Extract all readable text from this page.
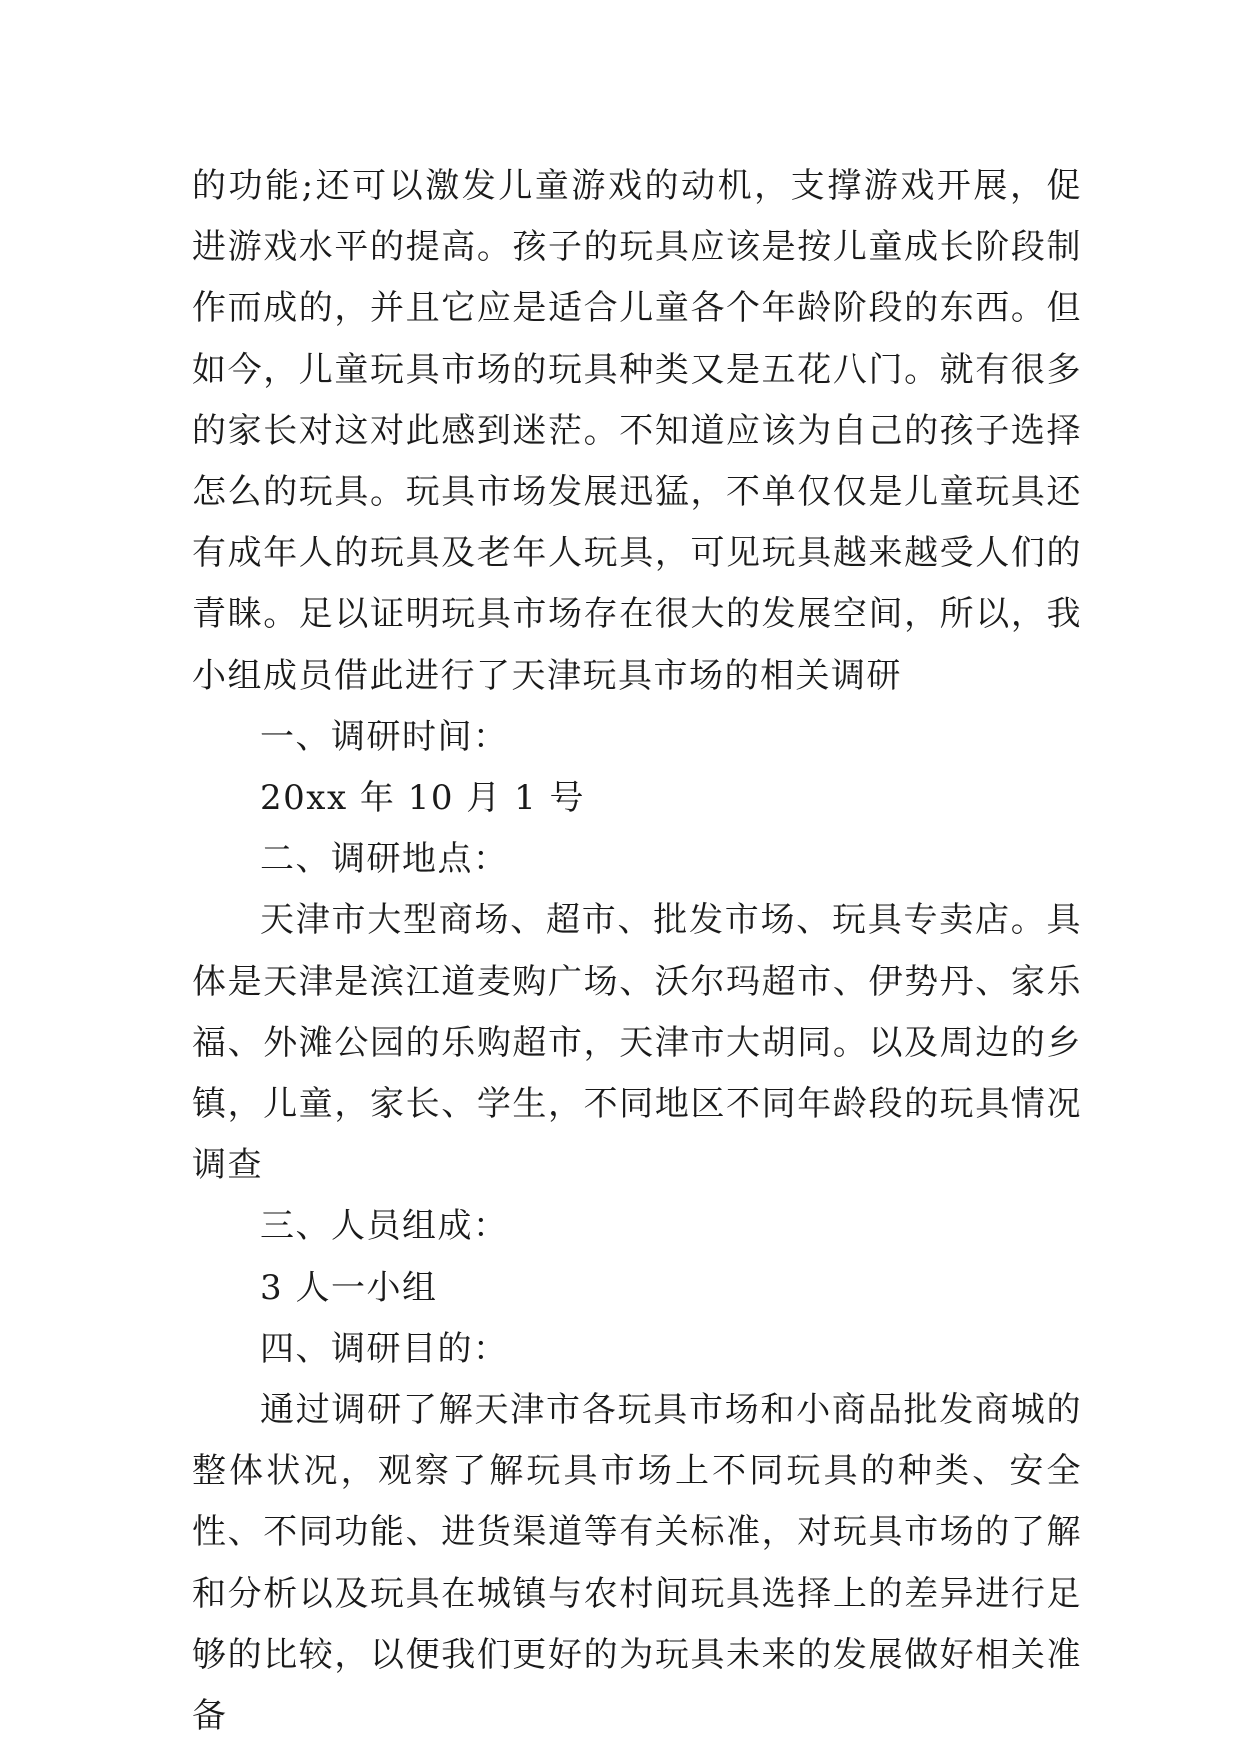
的功能;还可以激发儿童游戏的动机，支撑游戏开展，促进游戏水平的提高。孩子的玩具应该是按儿童成长阶段制作而成的，并且它应是适合儿童各个年龄阶段的东西。但如今，儿童玩具市场的玩具种类又是五花八门。就有很多的家长对这对此感到迷茫。不知道应该为自己的孩子选择怎么的玩具。玩具市场发展迅猛，不单仅仅是儿童玩具还有成年人的玩具及老年人玩具，可见玩具越来越受人们的青睐。足以证明玩具市场存在很大的发展空间，所以，我小组成员借此进行了天津玩具市场的相关调研

一、调研时间：

20xx 年 10 月 1 号

二、调研地点：

天津市大型商场、超市、批发市场、玩具专卖店。具体是天津是滨江道麦购广场、沃尔玛超市、伊势丹、家乐福、外滩公园的乐购超市，天津市大胡同。以及周边的乡镇，儿童，家长、学生，不同地区不同年龄段的玩具情况调查

三、人员组成：

3 人一小组

四、调研目的：

通过调研了解天津市各玩具市场和小商品批发商城的整体状况，观察了解玩具市场上不同玩具的种类、安全性、不同功能、进货渠道等有关标准，对玩具市场的了解和分析以及玩具在城镇与农村间玩具选择上的差异进行足够的比较，以便我们更好的为玩具未来的发展做好相关准备
